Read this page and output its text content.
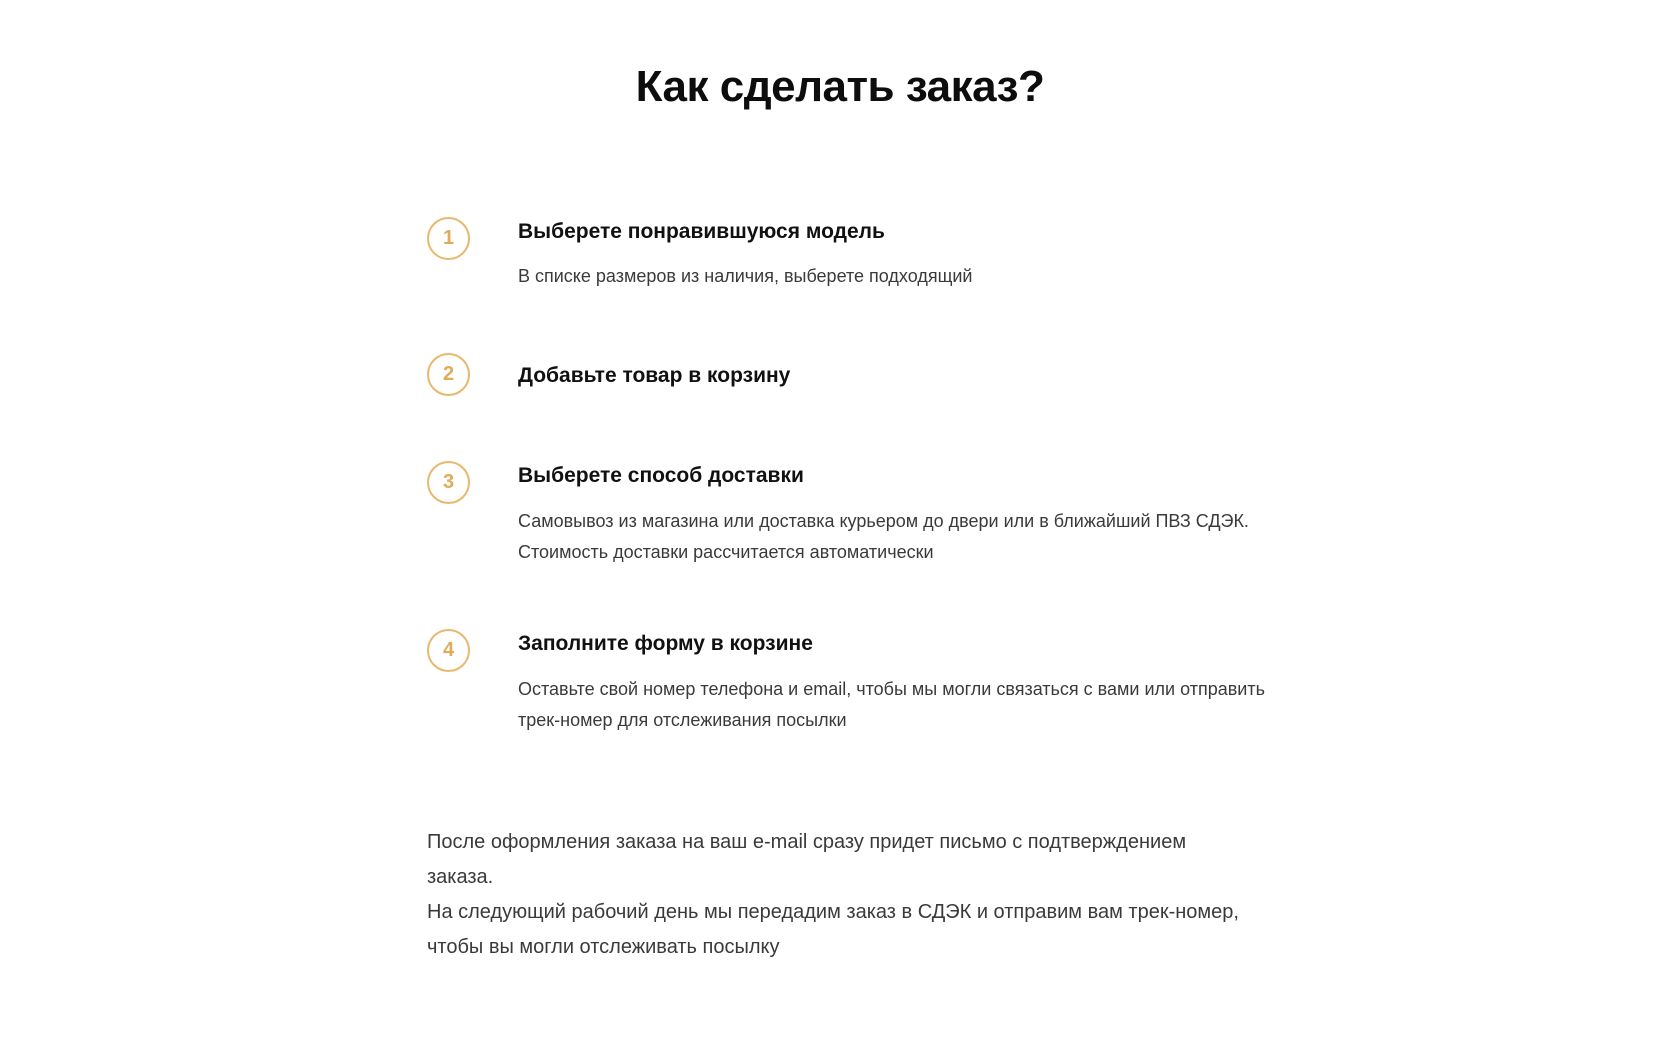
Как сделать заказ?
1	Выберете понравившуюся модель
В списке размеров из наличия, выберете подходящий
2	Добавьте товар в корзину
3	Выберете способ доставки
Самовывоз из магазина или доставка курьером до двери или в ближайший ПВЗ СДЭК. Стоимость доставки рассчитается автоматически
4	Заполните форму в корзине
Оставьте свой номер телефона и email, чтобы мы могли связаться с вами или отправить трек-номер для отслеживания посылки

После оформления заказа на ваш e-mail сразу придет письмо с подтверждением заказа.

На следующий рабочий день мы передадим заказ в СДЭК и отправим вам трек-номер,

чтобы вы могли отслеживать посылку
